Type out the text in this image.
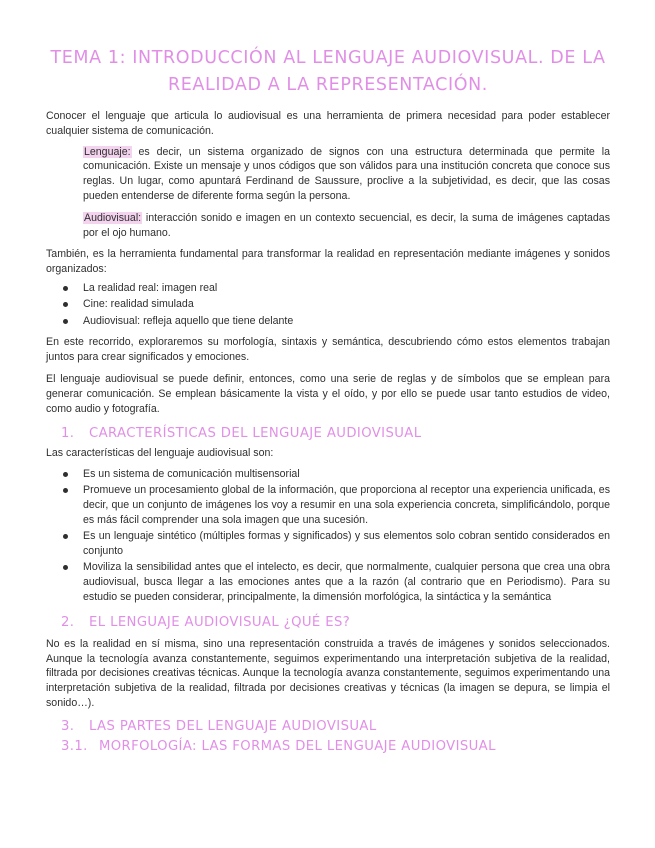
TEMA 1: INTRODUCCIÓN AL LENGUAJE AUDIOVISUAL. DE LA REALIDAD A LA REPRESENTACIÓN.

Conocer el lenguaje que articula lo audiovisual es una herramienta de primera necesidad para poder establecer cualquier sistema de comunicación.

Lenguaje: es decir, un sistema organizado de signos con una estructura determinada que permite la comunicación. Existe un mensaje y unos códigos que son válidos para una institución concreta que conoce sus reglas. Un lugar, como apuntará Ferdinand de Saussure, proclive a la subjetividad, es decir, que las cosas pueden entenderse de diferente forma según la persona.

Audiovisual: interacción sonido e imagen en un contexto secuencial, es decir, la suma de imágenes captadas por el ojo humano.

También, es la herramienta fundamental para transformar la realidad en representación mediante imágenes y sonidos organizados:

La realidad real: imagen real
Cine: realidad simulada
Audiovisual: refleja aquello que tiene delante

En este recorrido, exploraremos su morfología, sintaxis y semántica, descubriendo cómo estos elementos trabajan juntos para crear significados y emociones.

El lenguaje audiovisual se puede definir, entonces, como una serie de reglas y de símbolos que se emplean para generar comunicación. Se emplean básicamente la vista y el oído, y por ello se puede usar tanto estudios de video, como audio y fotografía.

1. CARACTERÍSTICAS DEL LENGUAJE AUDIOVISUAL

Las características del lenguaje audiovisual son:

Es un sistema de comunicación multisensorial
Promueve un procesamiento global de la información, que proporciona al receptor una experiencia unificada, es decir, que un conjunto de imágenes los voy a resumir en una sola experiencia concreta, simplificándolo, porque es más fácil comprender una sola imagen que una sucesión.
Es un lenguaje sintético (múltiples formas y significados) y sus elementos solo cobran sentido considerados en conjunto
Moviliza la sensibilidad antes que el intelecto, es decir, que normalmente, cualquier persona que crea una obra audiovisual, busca llegar a las emociones antes que a la razón (al contrario que en Periodismo). Para su estudio se pueden considerar, principalmente, la dimensión morfológica, la sintáctica y la semántica
2. EL LENGUAJE AUDIOVISUAL ¿QUÉ ES?

No es la realidad en sí misma, sino una representación construida a través de imágenes y sonidos seleccionados. Aunque la tecnología avanza constantemente, seguimos experimentando una interpretación subjetiva de la realidad, filtrada por decisiones creativas técnicas. Aunque la tecnología avanza constantemente, seguimos experimentando una interpretación subjetiva de la realidad, filtrada por decisiones creativas y técnicas (la imagen se depura, se limpia el sonido…).

3. LAS PARTES DEL LENGUAJE AUDIOVISUAL
3.1. MORFOLOGÍA: LAS FORMAS DEL LENGUAJE AUDIOVISUAL
